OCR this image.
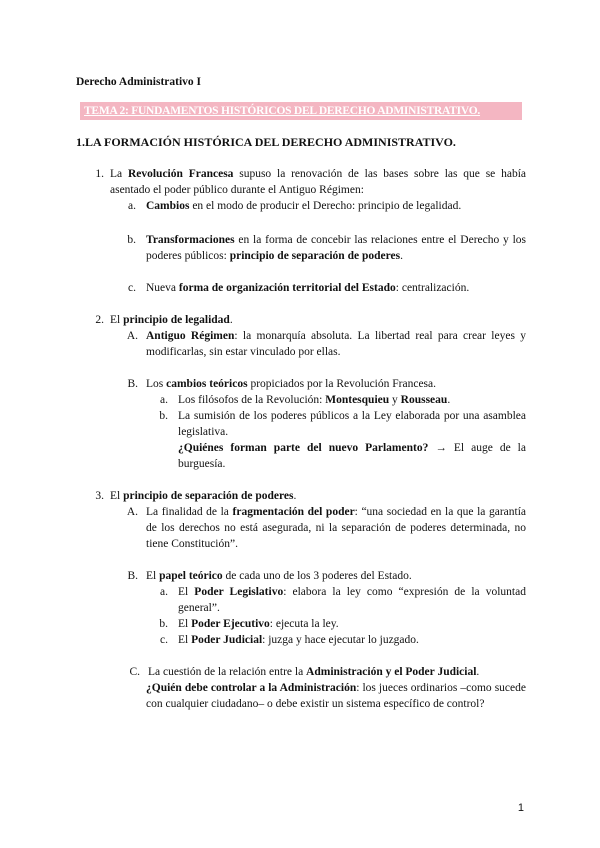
Derecho Administrativo I
TEMA 2: FUNDAMENTOS HISTÓRICOS DEL DERECHO ADMINISTRATIVO.
1.LA FORMACIÓN HISTÓRICA DEL DERECHO ADMINISTRATIVO.
1. La Revolución Francesa supuso la renovación de las bases sobre las que se había asentado el poder público durante el Antiguo Régimen:
a. Cambios en el modo de producir el Derecho: principio de legalidad.
b. Transformaciones en la forma de concebir las relaciones entre el Derecho y los poderes públicos: principio de separación de poderes.
c. Nueva forma de organización territorial del Estado: centralización.
2. El principio de legalidad.
A. Antiguo Régimen: la monarquía absoluta. La libertad real para crear leyes y modificarlas, sin estar vinculado por ellas.
B. Los cambios teóricos propiciados por la Revolución Francesa.
a. Los filósofos de la Revolución: Montesquieu y Rousseau.
b. La sumisión de los poderes públicos a la Ley elaborada por una asamblea legislativa.
¿Quiénes forman parte del nuevo Parlamento? → El auge de la burguesía.
3. El principio de separación de poderes.
A. La finalidad de la fragmentación del poder: “una sociedad en la que la garantía de los derechos no está asegurada, ni la separación de poderes determinada, no tiene Constitución”.
B. El papel teórico de cada uno de los 3 poderes del Estado.
a. El Poder Legislativo: elabora la ley como “expresión de la voluntad general”.
b. El Poder Ejecutivo: ejecuta la ley.
c. El Poder Judicial: juzga y hace ejecutar lo juzgado.
C. La cuestión de la relación entre la Administración y el Poder Judicial.
¿Quién debe controlar a la Administración: los jueces ordinarios –como sucede con cualquier ciudadano– o debe existir un sistema específico de control?
1
